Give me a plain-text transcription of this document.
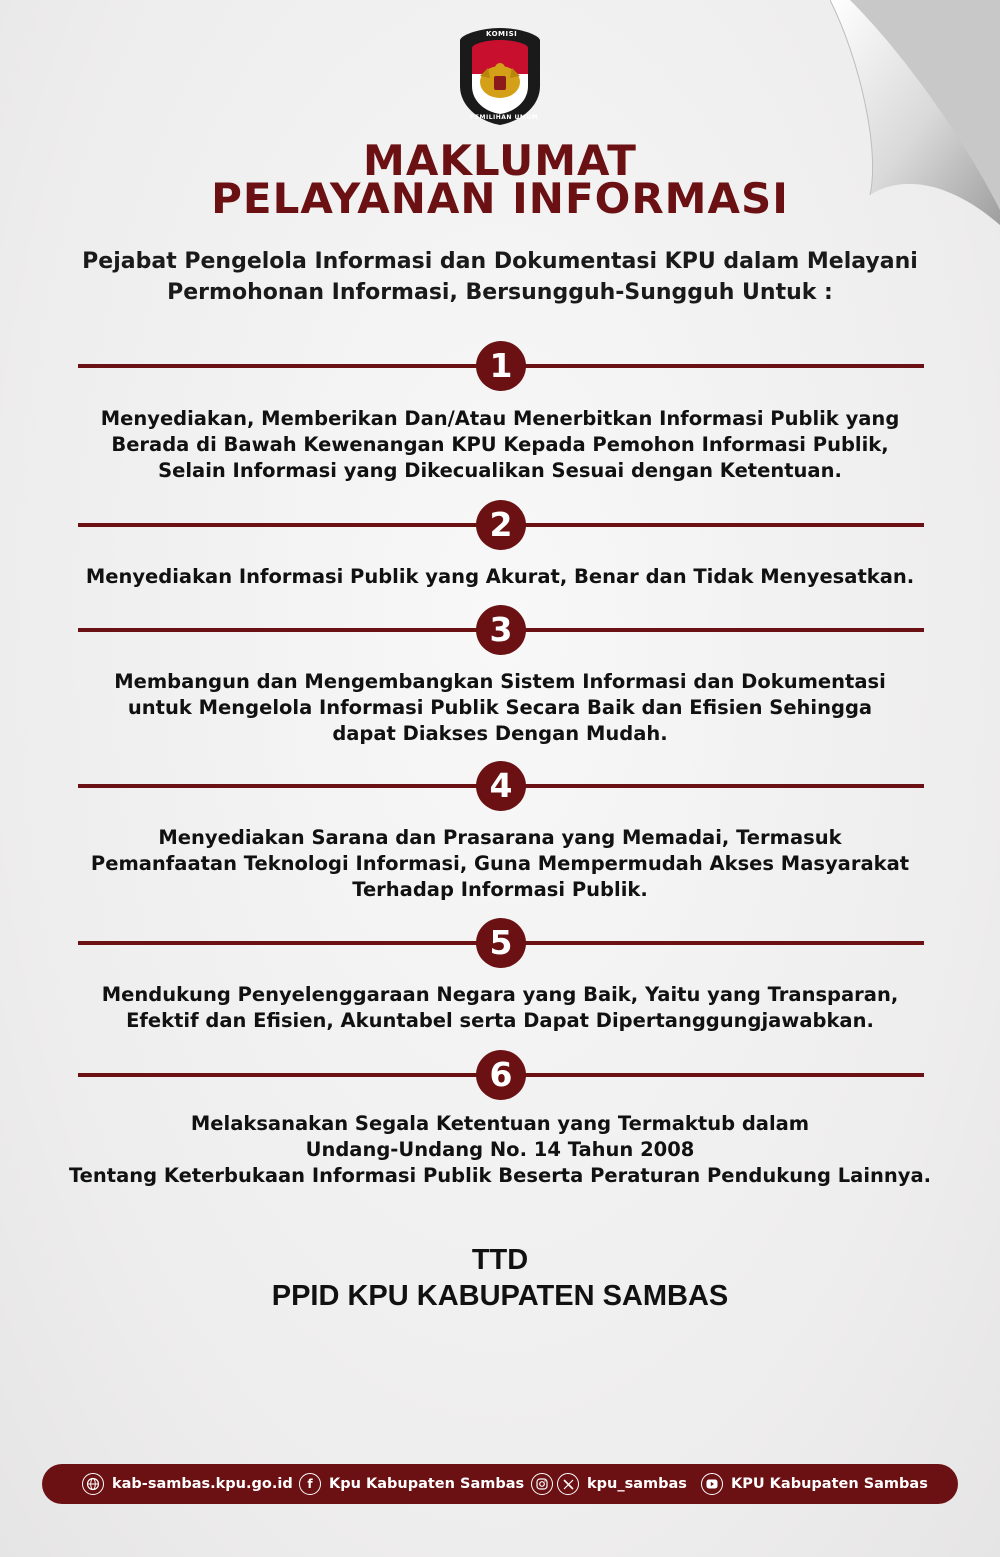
KOMISI
PEMILIHAN UMUM
MAKLUMAT
PELAYANAN INFORMASI
Pejabat Pengelola Informasi dan Dokumentasi KPU dalam Melayani
Permohonan Informasi, Bersungguh-Sungguh Untuk :
1
Menyediakan, Memberikan Dan/Atau Menerbitkan Informasi Publik yang
Berada di Bawah Kewenangan KPU Kepada Pemohon Informasi Publik,
Selain Informasi yang Dikecualikan Sesuai dengan Ketentuan.
2
Menyediakan Informasi Publik yang Akurat, Benar dan Tidak Menyesatkan.
3
Membangun dan Mengembangkan Sistem Informasi dan Dokumentasi
untuk Mengelola Informasi Publik Secara Baik dan Efisien Sehingga
dapat Diakses Dengan Mudah.
4
Menyediakan Sarana dan Prasarana yang Memadai, Termasuk
Pemanfaatan Teknologi Informasi, Guna Mempermudah Akses Masyarakat
Terhadap Informasi Publik.
5
Mendukung Penyelenggaraan Negara yang Baik, Yaitu yang Transparan,
Efektif dan Efisien, Akuntabel serta Dapat Dipertanggungjawabkan.
6
Melaksanakan Segala Ketentuan yang Termaktub dalam
Undang-Undang No. 14 Tahun 2008
Tentang Keterbukaan Informasi Publik Beserta Peraturan Pendukung Lainnya.
TTD
PPID KPU KABUPATEN SAMBAS
kab-sambas.kpu.go.id	f	Kpu Kabupaten Sambas	kpu_sambas	KPU Kabupaten Sambas
